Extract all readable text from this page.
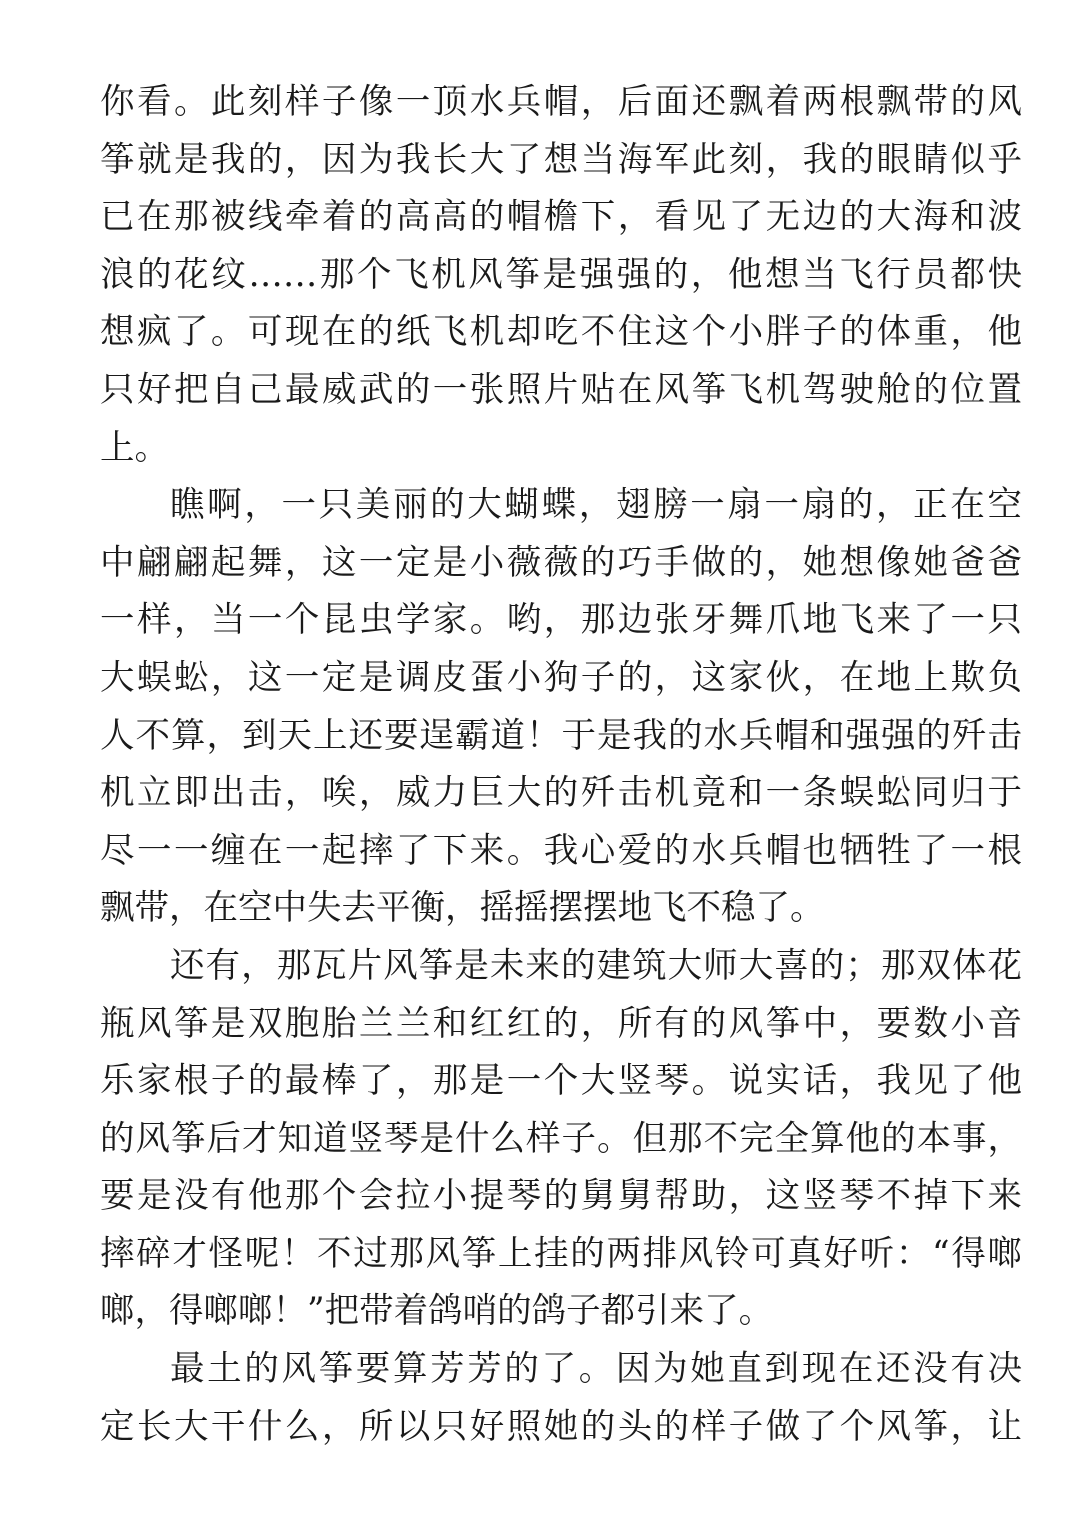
你看。此刻样子像一顶水兵帽，后面还飘着两根飘带的风
筝就是我的，因为我长大了想当海军此刻，我的眼睛似乎
已在那被线牵着的高高的帽檐下，看见了无边的大海和波
浪的花纹……那个飞机风筝是强强的，他想当飞行员都快
想疯了。可现在的纸飞机却吃不住这个小胖子的体重，他
只好把自己最威武的一张照片贴在风筝飞机驾驶舱的位置
上。
瞧啊，一只美丽的大蝴蝶，翅膀一扇一扇的，正在空
中翩翩起舞，这一定是小薇薇的巧手做的，她想像她爸爸
一样，当一个昆虫学家。哟，那边张牙舞爪地飞来了一只
大蜈蚣，这一定是调皮蛋小狗子的，这家伙，在地上欺负
人不算，到天上还要逞霸道！于是我的水兵帽和强强的歼击
机立即出击，唉，威力巨大的歼击机竟和一条蜈蚣同归于
尽一一缠在一起摔了下来。我心爱的水兵帽也牺牲了一根
飘带，在空中失去平衡，摇摇摆摆地飞不稳了。
还有，那瓦片风筝是未来的建筑大师大喜的；那双体花
瓶风筝是双胞胎兰兰和红红的，所有的风筝中，要数小音
乐家根子的最棒了，那是一个大竖琴。说实话，我见了他
的风筝后才知道竖琴是什么样子。但那不完全算他的本事，
要是没有他那个会拉小提琴的舅舅帮助，这竖琴不掉下来
摔碎才怪呢！不过那风筝上挂的两排风铃可真好听：“得啷
啷，得啷啷！”把带着鸽哨的鸽子都引来了。
最土的风筝要算芳芳的了。因为她直到现在还没有决
定长大干什么，所以只好照她的头的样子做了个风筝，让
